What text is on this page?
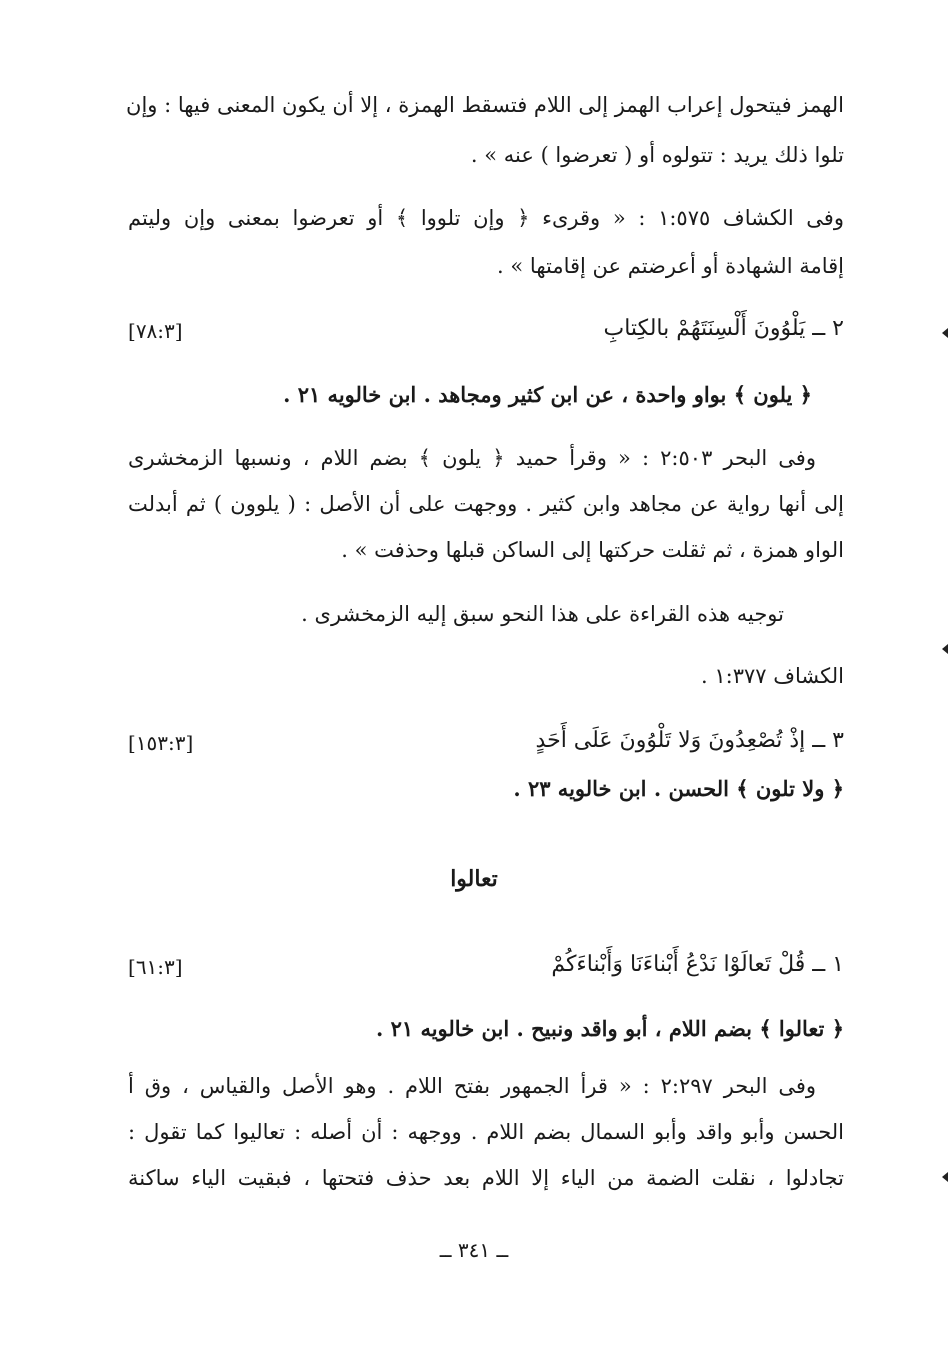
الهمز فيتحول إعراب الهمز إلى اللام فتسقط الهمزة ، إلا أن يكون المعنى فيها : وإن
تلوا ذلك يريد : تتولوه أو ( تعرضوا ) عنه » .
وفى الكشاف ١:٥٧٥ : « وقرىء ﴿ وإن تلووا ﴾ أو تعرضوا بمعنى وإن وليتم
إقامة الشهادة أو أعرضتم عن إقامتها » .
٢ ــ يَلْوُونَ أَلْسِنَتَهُمْ بالكِتابِ
[٧٨:٣]
﴿ يلون ﴾ بواو واحدة ، عن ابن كثير ومجاهد . ابن خالويه ٢١ .
وفى البحر ٢:٥٠٣ : « وقرأ حميد ﴿ يلون ﴾ بضم اللام ، ونسبها الزمخشرى
إلى أنها رواية عن مجاهد وابن كثير . ووجهت على أن الأصل : ( يلوون ) ثم أبدلت
الواو همزة ، ثم ثقلت حركتها إلى الساكن قبلها وحذفت » .
توجيه هذه القراءة على هذا النحو سبق إليه الزمخشرى .
الكشاف ١:٣٧٧ .
٣ ــ إذْ تُصْعِدُونَ وَلا تَلْوُونَ عَلَى أَحَدٍ
[١٥٣:٣]
﴿ ولا تلون ﴾ الحسن . ابن خالويه ٢٣ .
تعالوا
١ ــ قُلْ تَعالَوْا نَدْعُ أَبْناءَنَا وَأَبْناءَكُمْ
[٦١:٣]
﴿ تعالوا ﴾ بضم اللام ، أبو واقد ونبيح . ابن خالويه ٢١ .
وفى البحر ٢:٢٩٧ : « قرأ الجمهور بفتح اللام . وهو الأصل والقياس ، وق أ
الحسن وأبو واقد وأبو السمال بضم اللام . ووجهه : أن أصله : تعاليوا كما تقول :
تجادلوا ، نقلت الضمة من الياء إلا اللام بعد حذف فتحتها ، فبقيت الياء ساكنة
ــ ٣٤١ ــ
